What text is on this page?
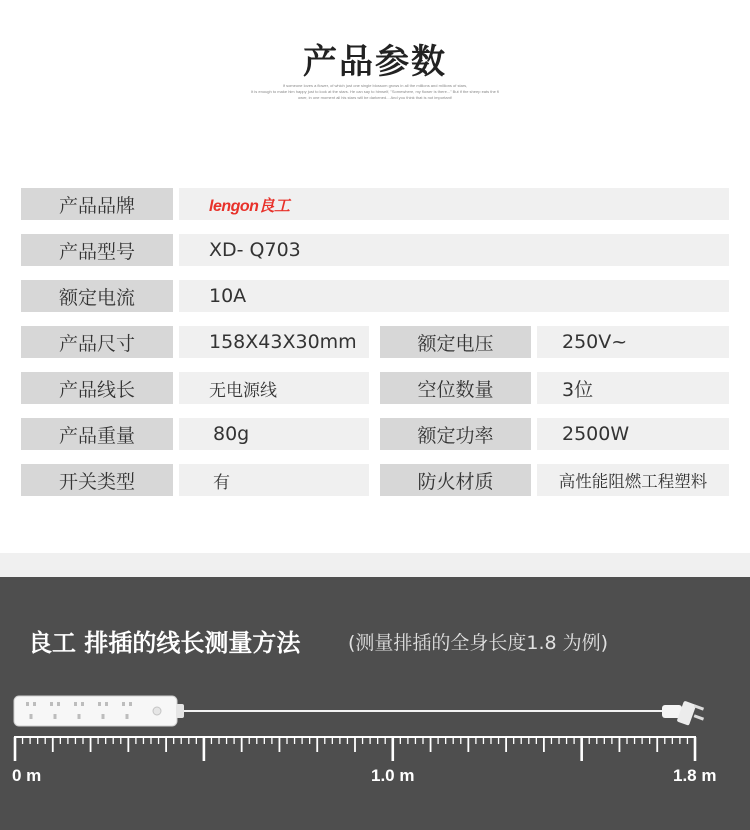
产品参数
If someone loves a flower, of which just one single blossom grows in all the millions and millions of stars,
It is enough to make him happy just to look at the stars. He can say to himself, "Somewhere, my flower is there..." But if the sheep eats the fl
ower, in one moment all his stars will be darkened... And you think that is not important!
产品品牌	lengon良工
产品型号	XD- Q703
额定电流	10A
产品尺寸	158X43X30mm	额定电压	250V~
产品线长	无电源线	空位数量	3位
产品重量	80g	额定功率	2500W
开关类型	有	防火材质	高性能阻燃工程塑料
良工 排插的线长测量方法	(测量排插的全身长度1.8 为例)
0 m	1.0 m	1.8 m
